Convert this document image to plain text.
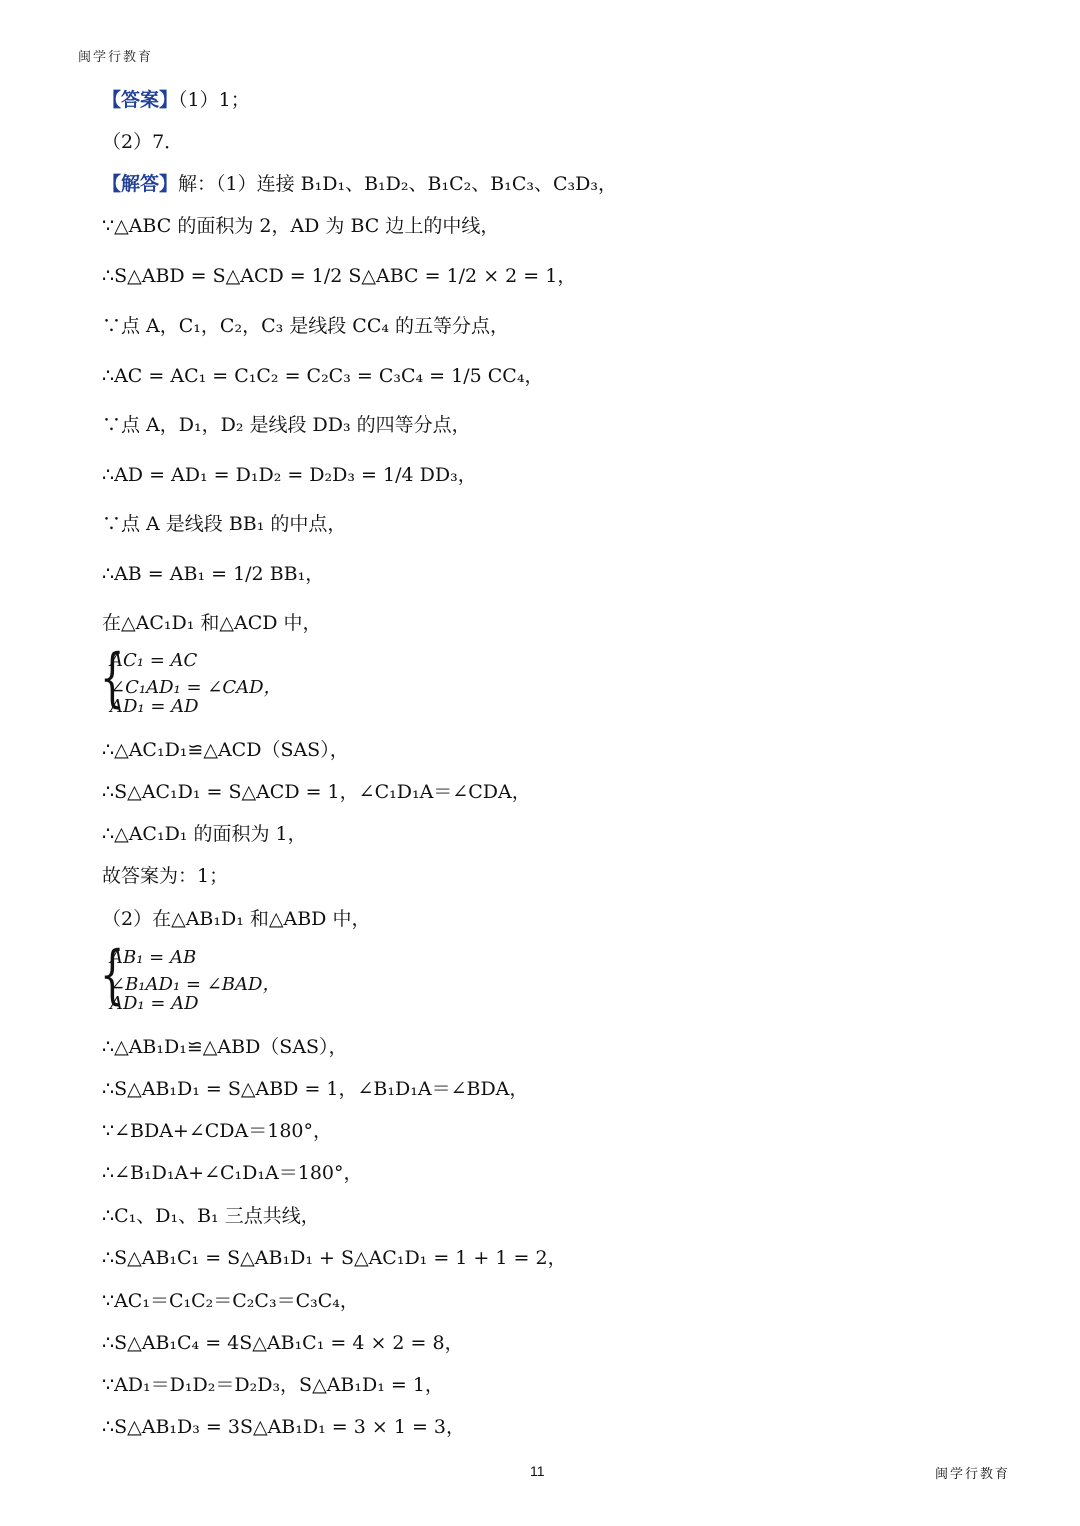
闽学行教育
【答案】（1）1；
（2）7．
【解答】解：（1）连接 B₁D₁、B₁D₂、B₁C₂、B₁C₃、C₃D₃，
∵△ABC 的面积为 2，AD 为 BC 边上的中线，
∴S△ABD = S△ACD = 1/2 S△ABC = 1/2 × 2 = 1，
∵点 A，C₁，C₂，C₃ 是线段 CC₄ 的五等分点，
∴AC = AC₁ = C₁C₂ = C₂C₃ = C₃C₄ = 1/5 CC₄，
∵点 A，D₁，D₂ 是线段 DD₃ 的四等分点，
∴AD = AD₁ = D₁D₂ = D₂D₃ = 1/4 DD₃，
∵点 A 是线段 BB₁ 的中点，
∴AB = AB₁ = 1/2 BB₁，
在△AC₁D₁ 和△ACD 中，
{
AC₁ = AC
∠C₁AD₁ = ∠CAD，
AD₁ = AD
∴△AC₁D₁≌△ACD（SAS），
∴S△AC₁D₁ = S△ACD = 1，∠C₁D₁A＝∠CDA，
∴△AC₁D₁ 的面积为 1，
故答案为：1；
（2）在△AB₁D₁ 和△ABD 中，
{
AB₁ = AB
∠B₁AD₁ = ∠BAD，
AD₁ = AD
∴△AB₁D₁≌△ABD（SAS），
∴S△AB₁D₁ = S△ABD = 1，∠B₁D₁A＝∠BDA，
∵∠BDA+∠CDA＝180°，
∴∠B₁D₁A+∠C₁D₁A＝180°，
∴C₁、D₁、B₁ 三点共线，
∴S△AB₁C₁ = S△AB₁D₁ + S△AC₁D₁ = 1 + 1 = 2，
∵AC₁＝C₁C₂＝C₂C₃＝C₃C₄，
∴S△AB₁C₄ = 4S△AB₁C₁ = 4 × 2 = 8，
∵AD₁＝D₁D₂＝D₂D₃，S△AB₁D₁ = 1，
∴S△AB₁D₃ = 3S△AB₁D₁ = 3 × 1 = 3，
11	闽学行教育
